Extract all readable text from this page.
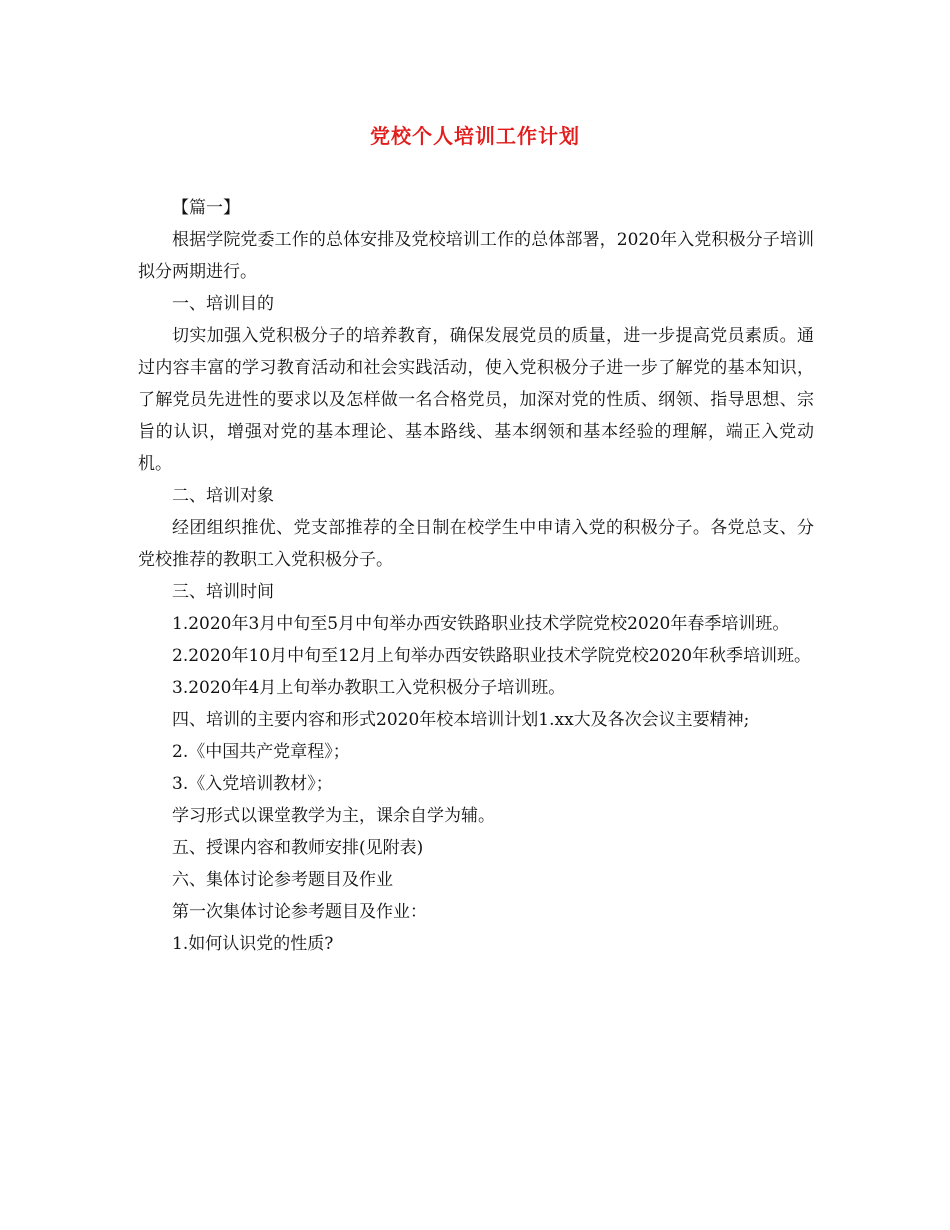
党校个人培训工作计划

【篇一】

根据学院党委工作的总体安排及党校培训工作的总体部署，2020年入党积极分子培训拟分两期进行。

一、培训目的

切实加强入党积极分子的培养教育，确保发展党员的质量，进一步提高党员素质。通过内容丰富的学习教育活动和社会实践活动，使入党积极分子进一步了解党的基本知识，了解党员先进性的要求以及怎样做一名合格党员，加深对党的性质、纲领、指导思想、宗旨的认识，增强对党的基本理论、基本路线、基本纲领和基本经验的理解，端正入党动机。

二、培训对象

经团组织推优、党支部推荐的全日制在校学生中申请入党的积极分子。各党总支、分党校推荐的教职工入党积极分子。

三、培训时间

1.2020年3月中旬至5月中旬举办西安铁路职业技术学院党校2020年春季培训班。

2.2020年10月中旬至12月上旬举办西安铁路职业技术学院党校2020年秋季培训班。

3.2020年4月上旬举办教职工入党积极分子培训班。

四、培训的主要内容和形式2020年校本培训计划1.xx大及各次会议主要精神;

2.《中国共产党章程》；

3.《入党培训教材》；

学习形式以课堂教学为主，课余自学为辅。

五、授课内容和教师安排(见附表)

六、集体讨论参考题目及作业

第一次集体讨论参考题目及作业：

1.如何认识党的性质?
